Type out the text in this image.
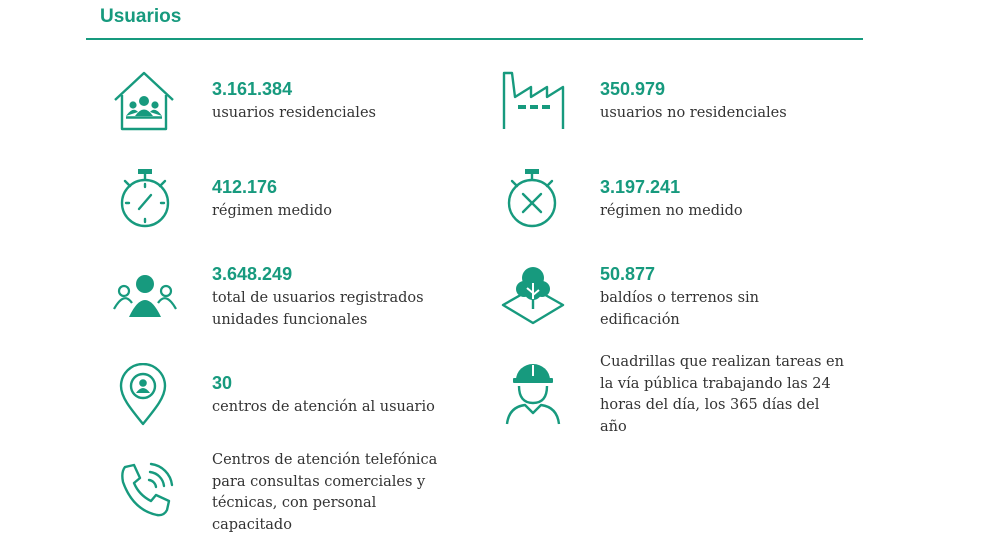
Usuarios
3.161.384
usuarios residenciales
350.979
usuarios no residenciales
412.176
régimen medido
3.197.241
régimen no medido
3.648.249
total de usuarios registrados unidades funcionales
50.877
baldíos o terrenos sin edificación
30
centros de atención al usuario
Cuadrillas que realizan tareas en la vía pública trabajando las 24 horas del día, los 365 días del año
Centros de atención telefónica para consultas comerciales y técnicas, con personal capacitado
